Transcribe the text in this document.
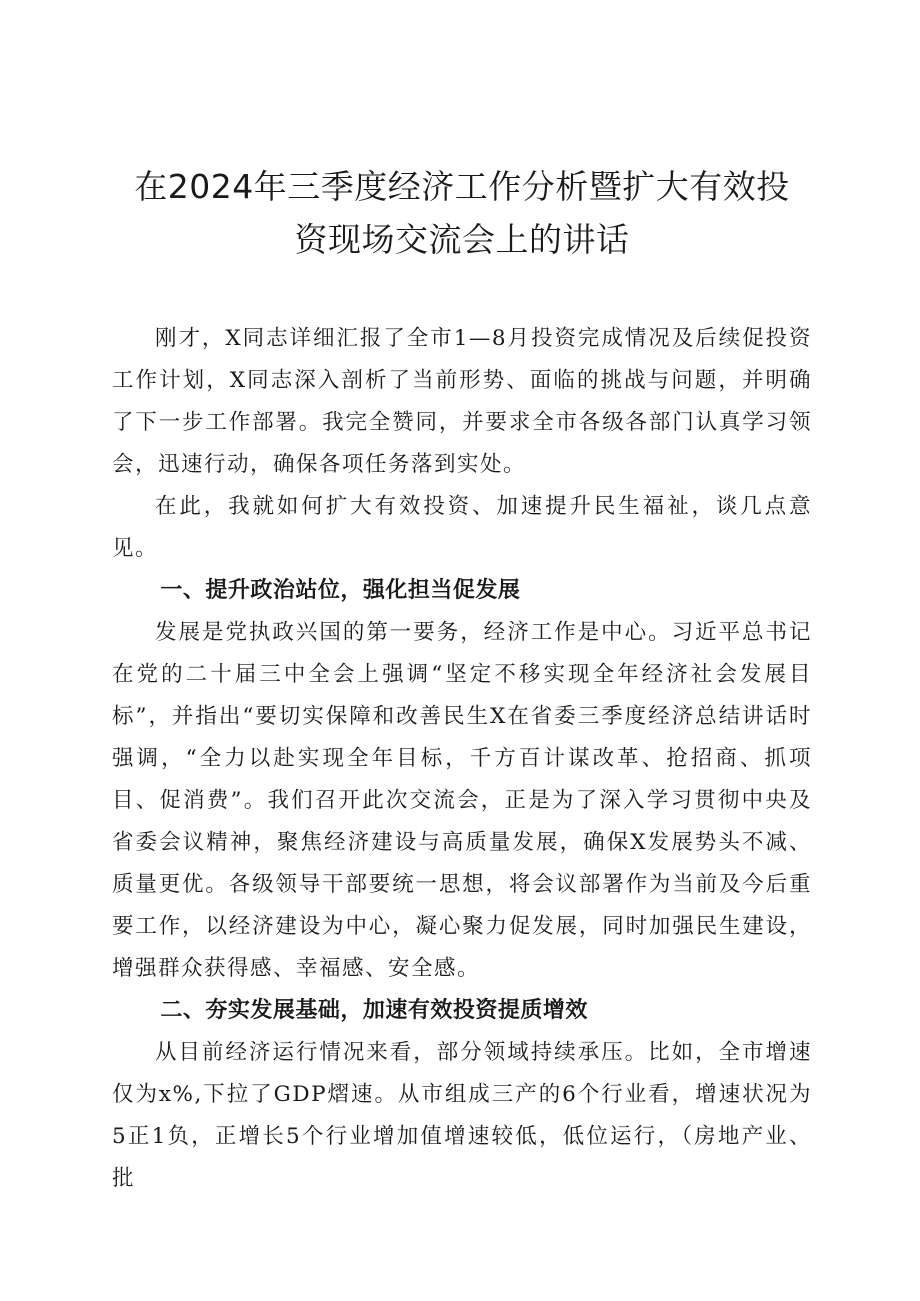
在2024年三季度经济工作分析暨扩大有效投
资现场交流会上的讲话

刚才，X同志详细汇报了全市1—8月投资完成情况及后续促投资工作计划，X同志深入剖析了当前形势、面临的挑战与问题，并明确了下一步工作部署。我完全赞同，并要求全市各级各部门认真学习领会，迅速行动，确保各项任务落到实处。

在此，我就如何扩大有效投资、加速提升民生福祉，谈几点意见。

一、提升政治站位，强化担当促发展

发展是党执政兴国的第一要务，经济工作是中心。习近平总书记在党的二十届三中全会上强调“坚定不移实现全年经济社会发展目标”，并指出“要切实保障和改善民生X在省委三季度经济总结讲话时强调，“全力以赴实现全年目标，千方百计谋改革、抢招商、抓项目、促消费”。我们召开此次交流会，正是为了深入学习贯彻中央及省委会议精神，聚焦经济建设与高质量发展，确保X发展势头不减、质量更优。各级领导干部要统一思想，将会议部署作为当前及今后重要工作，以经济建设为中心，凝心聚力促发展，同时加强民生建设，增强群众获得感、幸福感、安全感。

二、夯实发展基础，加速有效投资提质增效

从目前经济运行情况来看，部分领域持续承压。比如，全市增速仅为x%,下拉了GDP熠速。从市组成三产的6个行业看，增速状况为5正1负，正增长5个行业增加值增速较低，低位运行，（房地产业、批
